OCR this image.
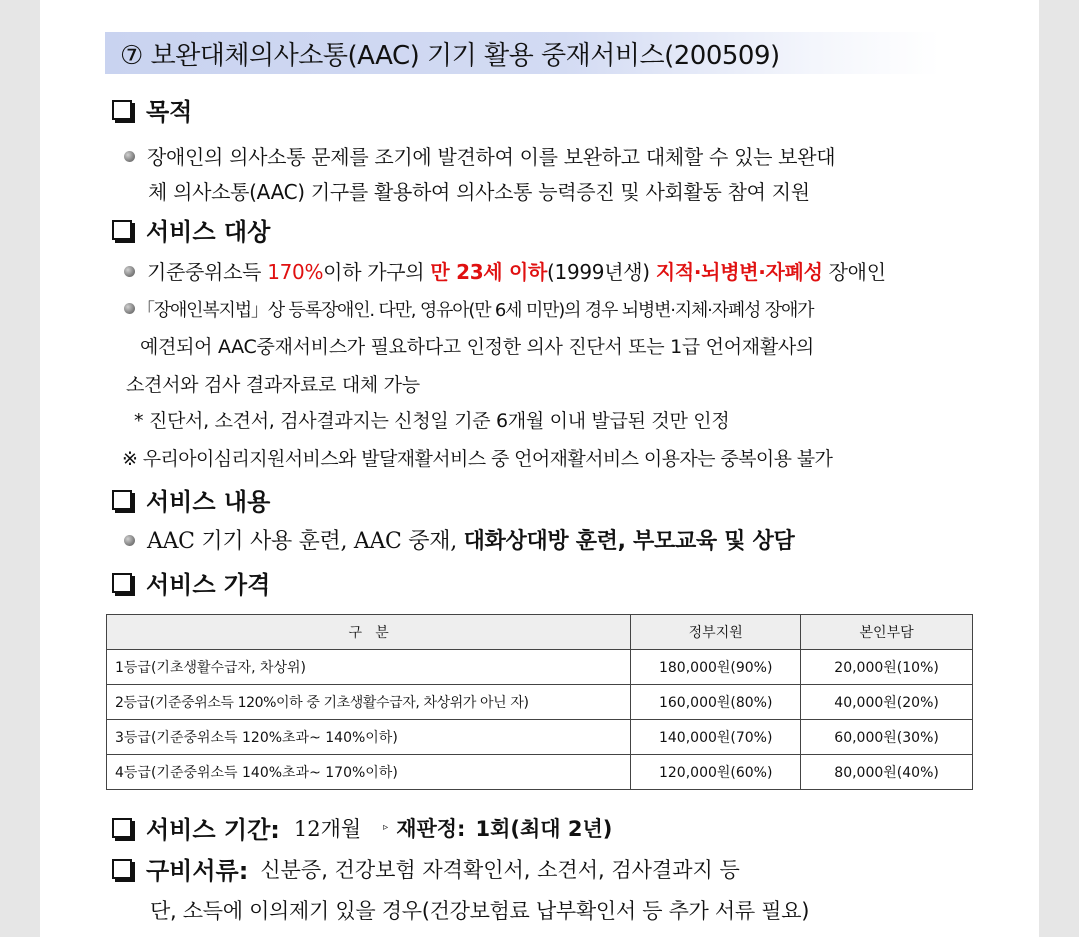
⑦ 보완대체의사소통(AAC) 기기 활용 중재서비스(200509)
목적
장애인의 의사소통 문제를 조기에 발견하여 이를 보완하고 대체할 수 있는 보완대
체 의사소통(AAC) 기구를 활용하여 의사소통 능력증진 및 사회활동 참여 지원
서비스 대상
기준중위소득 170%이하 가구의 만 23세 이하(1999년생) 지적·뇌병변·자폐성 장애인
「장애인복지법」상 등록장애인. 다만, 영유아(만 6세 미만)의 경우 뇌병변·지체·자폐성 장애가
예견되어 AAC중재서비스가 필요하다고 인정한 의사 진단서 또는 1급 언어재활사의
소견서와 검사 결과자료로 대체 가능
* 진단서, 소견서, 검사결과지는 신청일 기준 6개월 이내 발급된 것만 인정
※ 우리아이심리지원서비스와 발달재활서비스 중 언어재활서비스 이용자는 중복이용 불가
서비스 내용
AAC 기기 사용 훈련, AAC 중재, 대화상대방 훈련, 부모교육 및 상담
서비스 가격
구   분	정부지원	본인부담
1등급(기초생활수급자, 차상위)	180,000원(90%)	20,000원(10%)
2등급(기준중위소득 120%이하 중 기초생활수급자, 차상위가 아닌 자)	160,000원(80%)	40,000원(20%)
3등급(기준중위소득 120%초과~ 140%이하)	140,000원(70%)	60,000원(30%)
4등급(기준중위소득 140%초과~ 170%이하)	120,000원(60%)	80,000원(40%)
서비스 기간: 12개월 ▹ 재판정: 1회(최대 2년)
구비서류: 신분증, 건강보험 자격확인서, 소견서, 검사결과지 등
단, 소득에 이의제기 있을 경우(건강보험료 납부확인서 등 추가 서류 필요)
